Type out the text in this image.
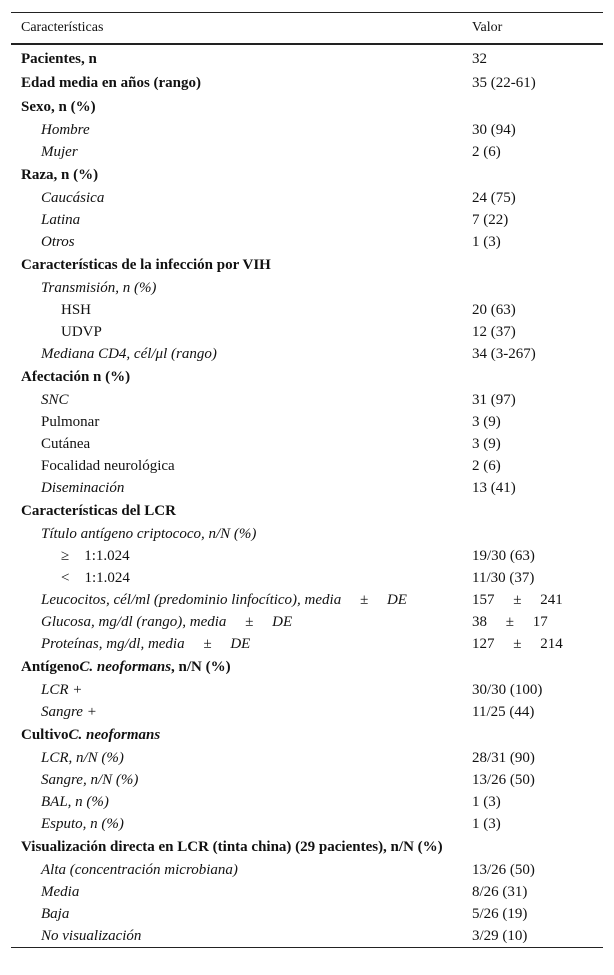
Características	Valor
Pacientes, n	32
Edad media en años (rango)	35 (22-61)
Sexo, n (%)
Hombre	30 (94)
Mujer	2 (6)
Raza, n (%)
Caucásica	24 (75)
Latina	7 (22)
Otros	1 (3)
Características de la infección por VIH
Transmisión, n (%)
HSH	20 (63)
UDVP	12 (37)
Mediana CD4, cél/μl (rango)	34 (3-267)
Afectación n (%)
SNC	31 (97)
Pulmonar	3 (9)
Cutánea	3 (9)
Focalidad neurológica	2 (6)
Diseminación	13 (41)
Características del LCR
Título antígeno criptococo, n/N (%)
≥    1:1.024	19/30 (63)
<    1:1.024	11/30 (37)
Leucocitos, cél/ml (predominio linfocítico), media     ±     DE	157     ±     241
Glucosa, mg/dl (rango), media     ±     DE	38     ±     17
Proteínas, mg/dl, media     ±     DE	127     ±     214
AntígenoC. neoformans, n/N (%)
LCR +	30/30 (100)
Sangre +	11/25 (44)
CultivoC. neoformans
LCR, n/N (%)	28/31 (90)
Sangre, n/N (%)	13/26 (50)
BAL, n (%)	1 (3)
Esputo, n (%)	1 (3)
Visualización directa en LCR (tinta china) (29 pacientes), n/N (%)
Alta (concentración microbiana)	13/26 (50)
Media	8/26 (31)
Baja	5/26 (19)
No visualización	3/29 (10)
